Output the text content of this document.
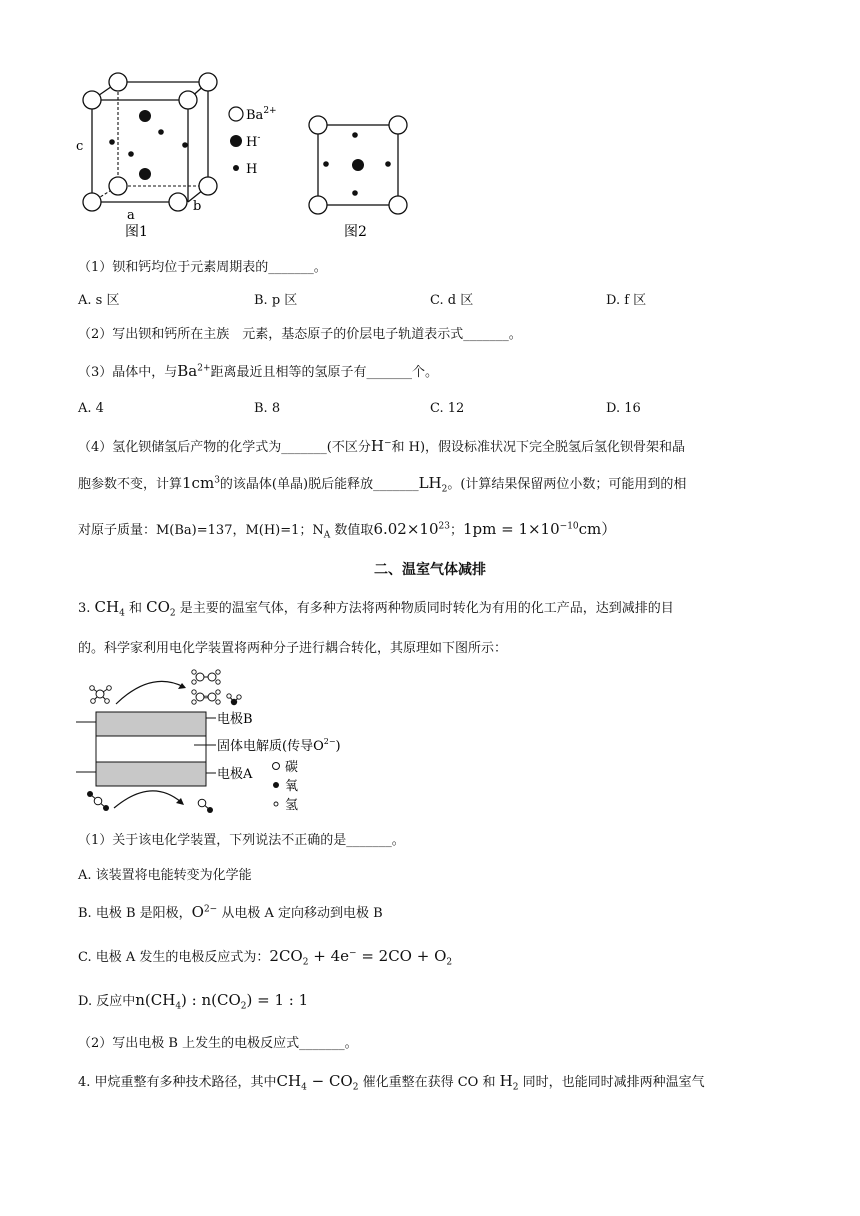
c
a
b
图1
$Ba^{2+}$
H-
H
图2
（1）钡和钙均位于元素周期表的_______。
A. s 区	B. p 区	C. d 区	D. f 区
（2）写出钡和钙所在主族　元素，基态原子的价层电子轨道表示式_______。
（3）晶体中，与$Ba^{2+}$距离最近且相等的氢原子有_______个。
A. 4	B. 8	C. 12	D. 16
（4）氢化钡储氢后产物的化学式为_______(不区分H−和 H)，假设标准状况下完全脱氢后氢化钡骨架和晶
胞参数不变，计算$1cm^3$的该晶体(单晶)脱后能释放$\_\_\_\_\_\_\_LH_2$。(计算结果保留两位小数；可能用到的相
对原子质量：M(Ba)=137，M(H)=1；$N_A$ 数值取$6.02\times 10^{23}$；$1pm = 1\times 10^{-10}cm$）
二、温室气体减排
3. $CH_4$ 和 $CO_2$ 是主要的温室气体，有多种方法将两种物质同时转化为有用的化工产品，达到减排的目
的。科学家利用电化学装置将两种分子进行耦合转化，其原理如下图所示：
电极B
固体电解质(传导$O^{2-}$)
电极A	碳
氧
氢
（1）关于该电化学装置，下列说法不正确的是_______。
A. 该装置将电能转变为化学能
B. 电极 B 是阳极，$O^{2-}$ 从电极 A 定向移动到电极 B
C. 电极 A 发生的电极反应式为：$2CO_2 + 4e^- = 2CO + O_2$
D. 反应中$n(CH_4)$ : $n(CO_2) = 1$ : 1
（2）写出电极 B 上发生的电极反应式_______。
4. 甲烷重整有多种技术路径，其中$CH_4 - CO_2$ 催化重整在获得 CO 和 $H_2$ 同时，也能同时减排两种温室气
